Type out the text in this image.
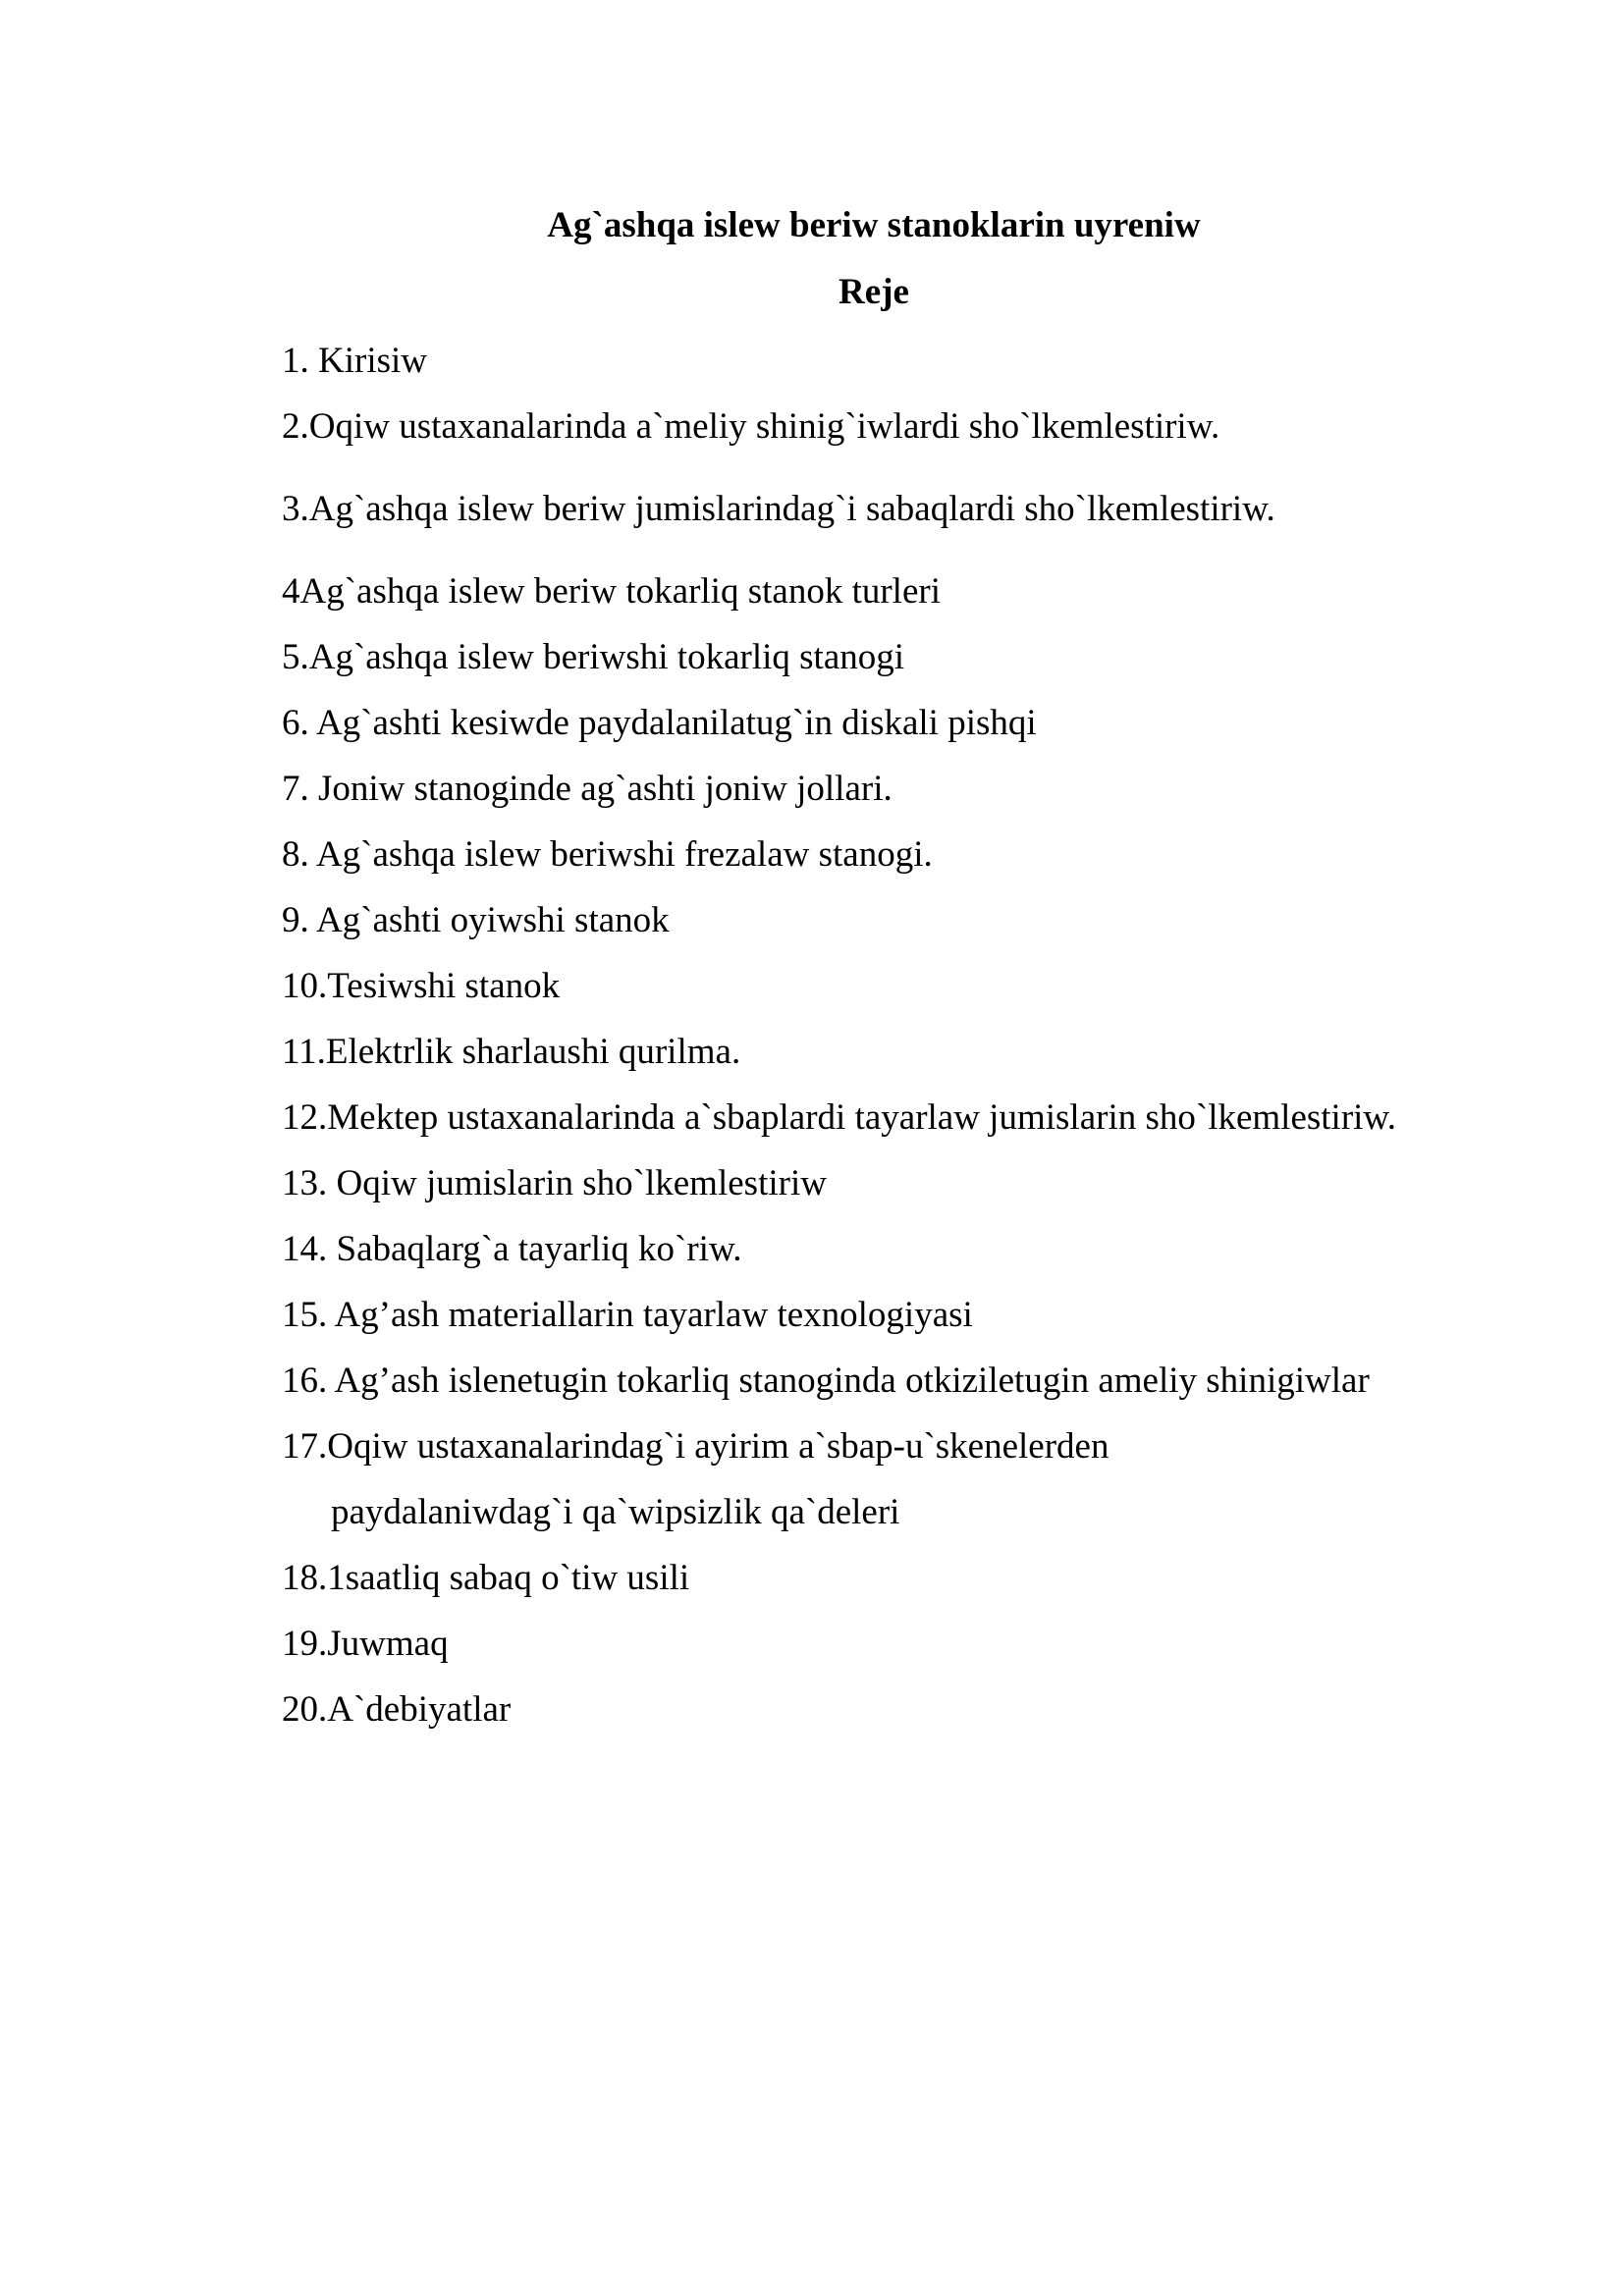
Ag`ashqa islew beriw stanoklarin uyreniw
Reje
1. Kirisiw
2.Oqiw ustaxanalarinda a`meliy shinig`iwlardi sho`lkemlestiriw.
3.Ag`ashqa islew beriw jumislarindag`i sabaqlardi sho`lkemlestiriw.
4Ag`ashqa islew beriw tokarliq stanok turleri
5.Ag`ashqa islew beriwshi tokarliq stanogi
6. Ag`ashti kesiwde paydalanilatug`in diskali pishqi
7. Joniw stanoginde ag`ashti joniw jollari.
8. Ag`ashqa islew beriwshi frezalaw stanogi.
9. Ag`ashti oyiwshi stanok
10.Tesiwshi stanok
11.Elektrlik sharlaushi qurilma.
12.Mektep ustaxanalarinda a`sbaplardi tayarlaw jumislarin sho`lkemlestiriw.
13. Oqiw jumislarin sho`lkemlestiriw
14. Sabaqlarg`a tayarliq ko`riw.
15. Ag’ash materiallarin tayarlaw texnologiyasi
16. Ag’ash islenetugin tokarliq stanoginda otkiziletugin ameliy shinigiwlar
17.Oqiw ustaxanalarindag`i ayirim a`sbap-u`skenelerden
paydalaniwdag`i qa`wipsizlik qa`deleri
18.1saatliq sabaq o`tiw usili
19.Juwmaq
20.A`debiyatlar
